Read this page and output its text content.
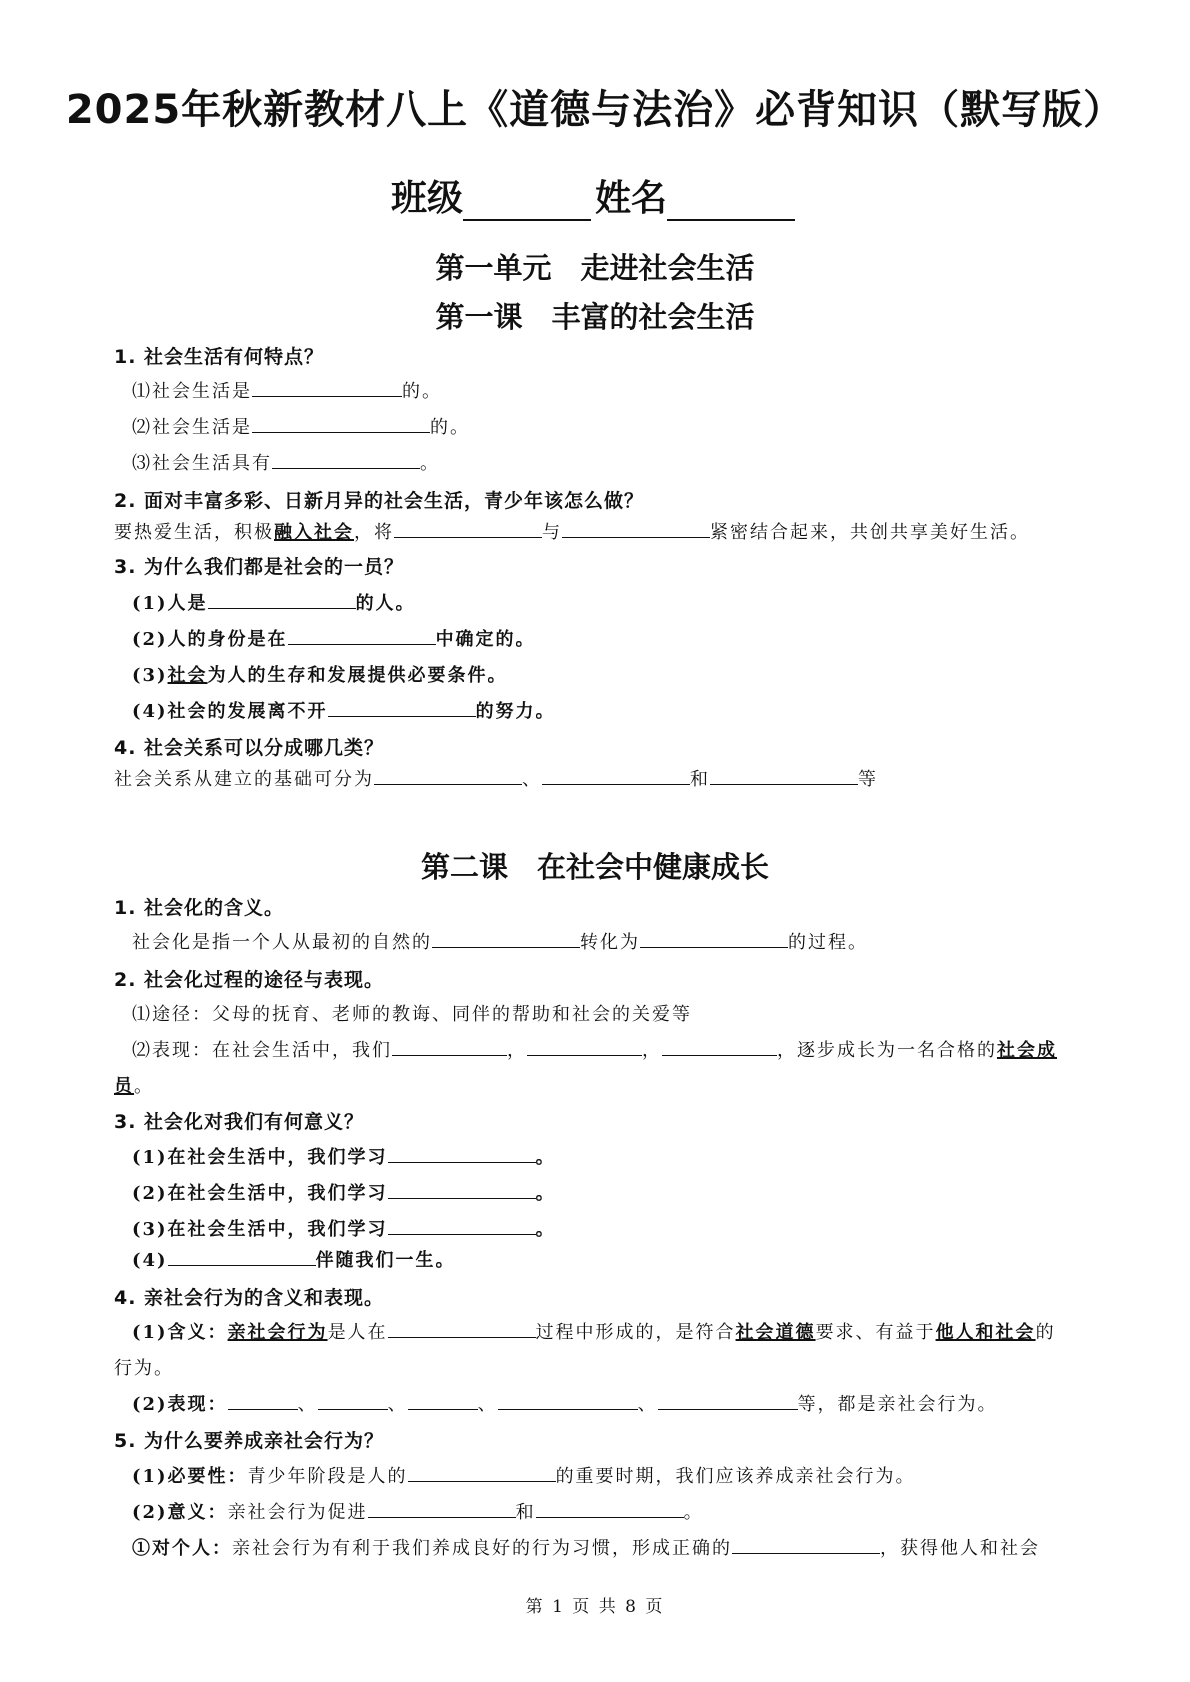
2025年秋新教材八上《道德与法治》必背知识（默写版）
班级	姓名
第一单元　走进社会生活
第一课　丰富的社会生活
1. 社会生活有何特点？
⑴社会生活是	的。
⑵社会生活是	的。
⑶社会生活具有	。
2. 面对丰富多彩、日新月异的社会生活，青少年该怎么做？
要热爱生活，积极融入社会，将	与	紧密结合起来，共创共享美好生活。
3. 为什么我们都是社会的一员？
(1)人是	的人。
(2)人的身份是在	中确定的。
(3)社会为人的生存和发展提供必要条件。
(4)社会的发展离不开	的努力。
4. 社会关系可以分成哪几类？
社会关系从建立的基础可分为	、	和	等
第二课　在社会中健康成长
1. 社会化的含义。
社会化是指一个人从最初的自然的	转化为	的过程。
2. 社会化过程的途径与表现。
⑴途径：父母的抚育、老师的教诲、同伴的帮助和社会的关爱等
⑵表现：在社会生活中，我们	，	，	，逐步成长为一名合格的社会成
员。
3. 社会化对我们有何意义？
(1)在社会生活中，我们学习	。
(2)在社会生活中，我们学习	。
(3)在社会生活中，我们学习	。
(4)	伴随我们一生。
4. 亲社会行为的含义和表现。
(1)含义：亲社会行为是人在	过程中形成的，是符合社会道德要求、有益于他人和社会的
行为。
(2)表现：	、	、	、	、	等，都是亲社会行为。
5. 为什么要养成亲社会行为？
(1)必要性：青少年阶段是人的	的重要时期，我们应该养成亲社会行为。
(2)意义：亲社会行为促进	和	。
①对个人：亲社会行为有利于我们养成良好的行为习惯，形成正确的	，获得他人和社会
第 1 页 共 8 页
